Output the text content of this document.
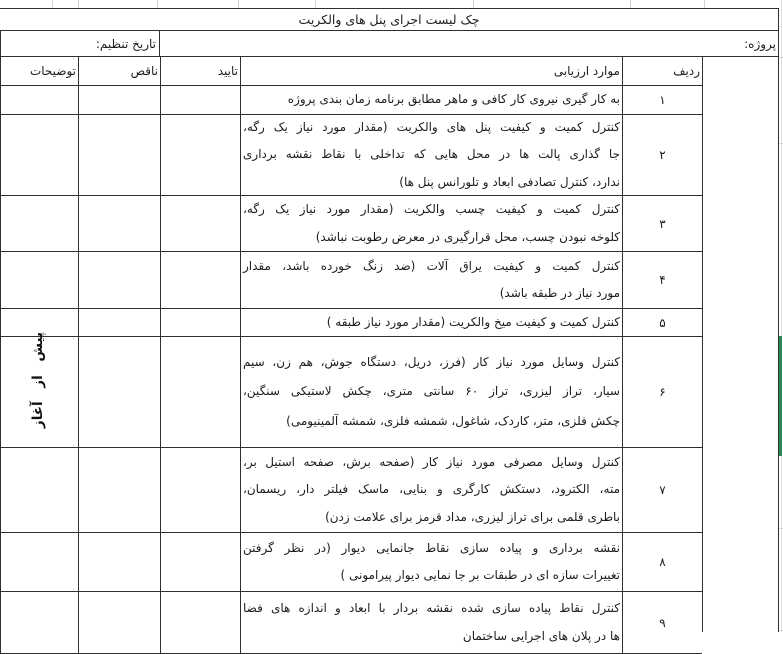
چک لیست اجرای پنل های والکریت
پروژه:
تاریخ تنظیم:
ردیف
موارد ارزیابی
تایید
ناقص
توضیحات
۱
به کار گیری نیروی کار کافی و ماهر مطابق برنامه زمان بندی پروژه
۲
کنترل کمیت و کیفیت پنل های والکریت (مقدار مورد نیاز یک رگه،
جا گذاری پالت ها در محل هایی که تداخلی با نقاط نقشه برداری
ندارد، کنترل تصادفی ابعاد و تلورانس پنل ها)
۳
کنترل کمیت و کیفیت چسب والکریت (مقدار مورد نیاز یک رگه،
کلوخه نبودن چسب، محل قرارگیری در معرض رطوبت نباشد)
۴
کنترل کمیت و کیفیت یراق آلات (ضد زنگ خورده باشد، مقدار
مورد نیاز در طبقه باشد)
۵
کنترل کمیت و کیفیت میخ والکریت (مقدار مورد نیاز طبقه )
۶
کنترل وسایل مورد نیاز کار (فرز، دریل، دستگاه جوش، هم زن، سیم
سیار، تراز لیزری، تراز ۶۰ سانتی متری، چکش لاستیکی سنگین،
چکش فلزی، متر، کاردک، شاغول، شمشه فلزی، شمشه آلمینیومی)
۷
کنترل وسایل مصرفی مورد نیاز کار (صفحه برش، صفحه استیل بر،
مته، الکترود، دستکش کارگری و بنایی، ماسک فیلتر دار، ریسمان،
باطری قلمی برای تراز لیزری، مداد قرمز برای علامت زدن)
۸
نقشه برداری و پیاده سازی نقاط جانمایی دیوار (در نظر گرفتن
تغییرات سازه ای در طبقات بر جا نمایی دیوار پیرامونی )
۹
کنترل نقاط پیاده سازی شده نقشه بردار با ابعاد و اندازه های فضا
ها در پلان های اجرایی ساختمان
پیش از آغاز
